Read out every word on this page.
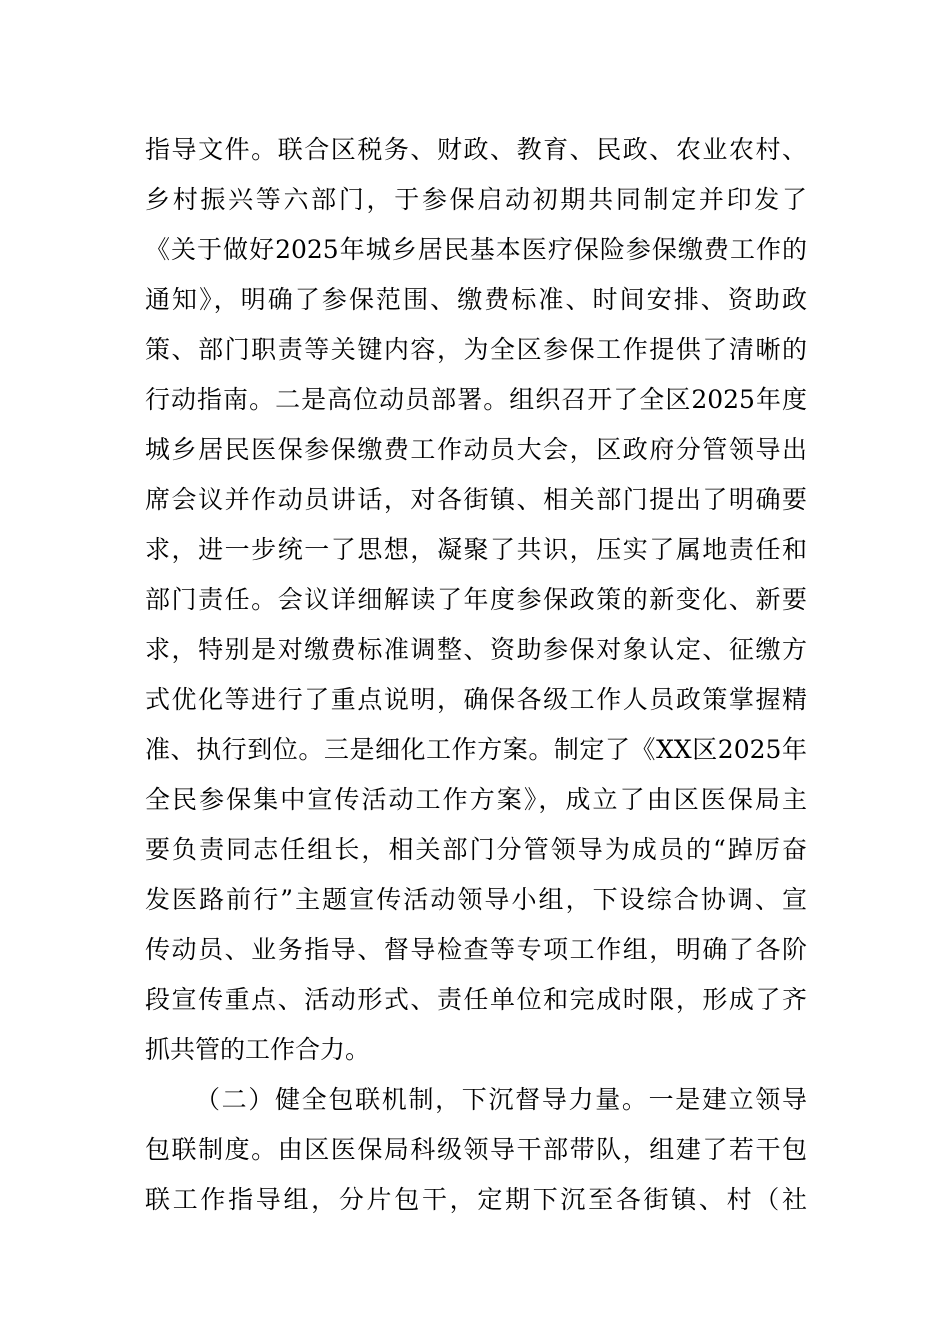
指导文件。联合区税务、财政、教育、民政、农业农村、
乡村振兴等六部门，于参保启动初期共同制定并印发了
《关于做好2025年城乡居民基本医疗保险参保缴费工作的
通知》，明确了参保范围、缴费标准、时间安排、资助政
策、部门职责等关键内容，为全区参保工作提供了清晰的
行动指南。二是高位动员部署。组织召开了全区2025年度
城乡居民医保参保缴费工作动员大会，区政府分管领导出
席会议并作动员讲话，对各街镇、相关部门提出了明确要
求，进一步统一了思想，凝聚了共识，压实了属地责任和
部门责任。会议详细解读了年度参保政策的新变化、新要
求，特别是对缴费标准调整、资助参保对象认定、征缴方
式优化等进行了重点说明，确保各级工作人员政策掌握精
准、执行到位。三是细化工作方案。制定了《XX区2025年
全民参保集中宣传活动工作方案》，成立了由区医保局主
要负责同志任组长，相关部门分管领导为成员的“踔厉奋
发医路前行”主题宣传活动领导小组，下设综合协调、宣
传动员、业务指导、督导检查等专项工作组，明确了各阶
段宣传重点、活动形式、责任单位和完成时限，形成了齐
抓共管的工作合力。
（二）健全包联机制，下沉督导力量。一是建立领导
包联制度。由区医保局科级领导干部带队，组建了若干包
联工作指导组，分片包干，定期下沉至各街镇、村（社
